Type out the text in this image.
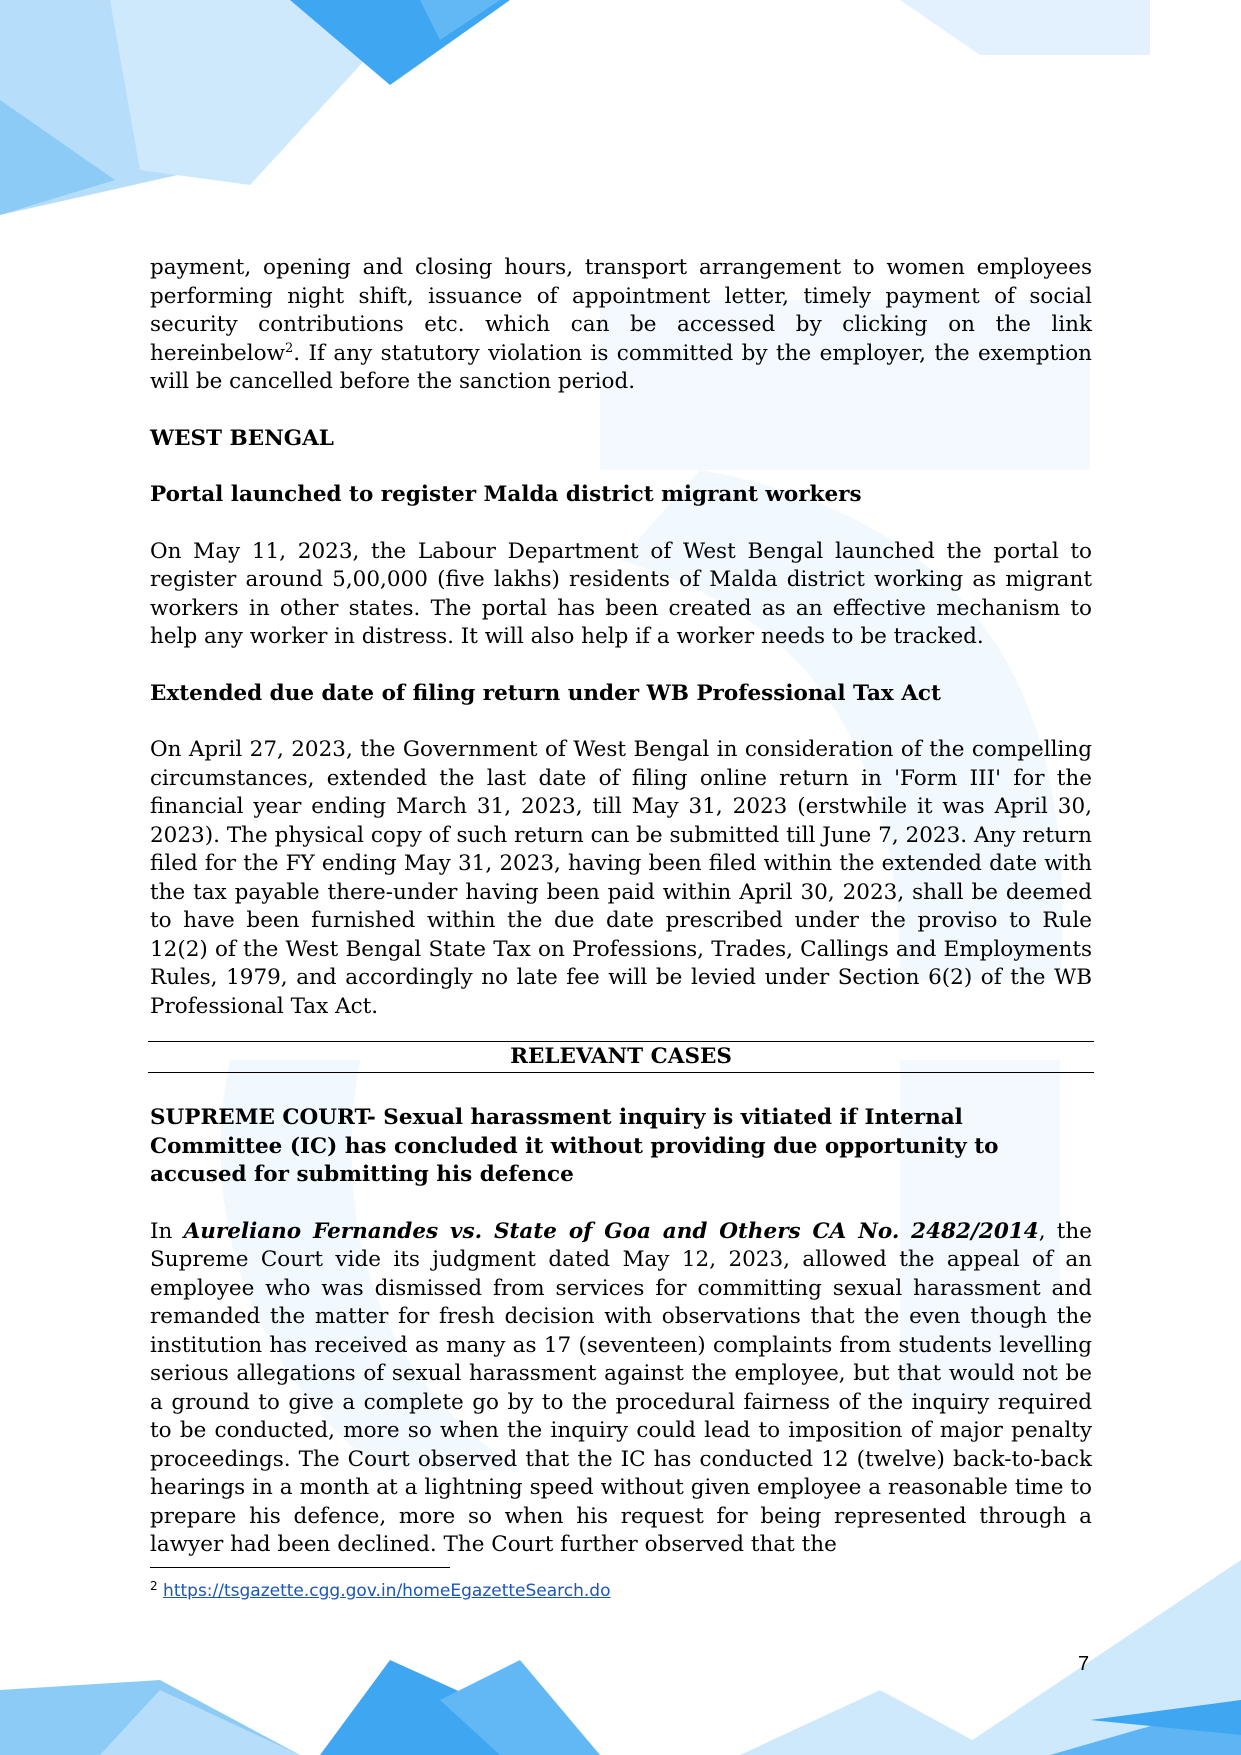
payment, opening and closing hours, transport arrangement to women employees performing night shift, issuance of appointment letter, timely payment of social security contributions etc. which can be accessed by clicking on the link hereinbelow$^2$. If any statutory violation is committed by the employer, the exemption will be cancelled before the sanction period.

WEST BENGAL

Portal launched to register Malda district migrant workers

On May 11, 2023, the Labour Department of West Bengal launched the portal to register around 5,00,000 (five lakhs) residents of Malda district working as migrant workers in other states. The portal has been created as an effective mechanism to help any worker in distress. It will also help if a worker needs to be tracked.

Extended due date of filing return under WB Professional Tax Act

On April 27, 2023, the Government of West Bengal in consideration of the compelling circumstances, extended the last date of filing online return in 'Form III' for the financial year ending March 31, 2023, till May 31, 2023 (erstwhile it was April 30, 2023). The physical copy of such return can be submitted till June 7, 2023. Any return filed for the FY ending May 31, 2023, having been filed within the extended date with the tax payable there-under having been paid within April 30, 2023, shall be deemed to have been furnished within the due date prescribed under the proviso to Rule 12(2) of the West Bengal State Tax on Professions, Trades, Callings and Employments Rules, 1979, and accordingly no late fee will be levied under Section 6(2) of the WB Professional Tax Act.

RELEVANT CASES

SUPREME COURT- Sexual harassment inquiry is vitiated if Internal Committee (IC) has concluded it without providing due opportunity to accused for submitting his defence

In Aureliano Fernandes vs. State of Goa and Others CA No. 2482/2014, the Supreme Court vide its judgment dated May 12, 2023, allowed the appeal of an employee who was dismissed from services for committing sexual harassment and remanded the matter for fresh decision with observations that the even though the institution has received as many as 17 (seventeen) complaints from students levelling serious allegations of sexual harassment against the employee, but that would not be a ground to give a complete go by to the procedural fairness of the inquiry required to be conducted, more so when the inquiry could lead to imposition of major penalty proceedings. The Court observed that the IC has conducted 12 (twelve) back-to-back hearings in a month at a lightning speed without given employee a reasonable time to prepare his defence, more so when his request for being represented through a lawyer had been declined. The Court further observed that the

$^2$ https://tsgazette.cgg.gov.in/homeEgazetteSearch.do
7
